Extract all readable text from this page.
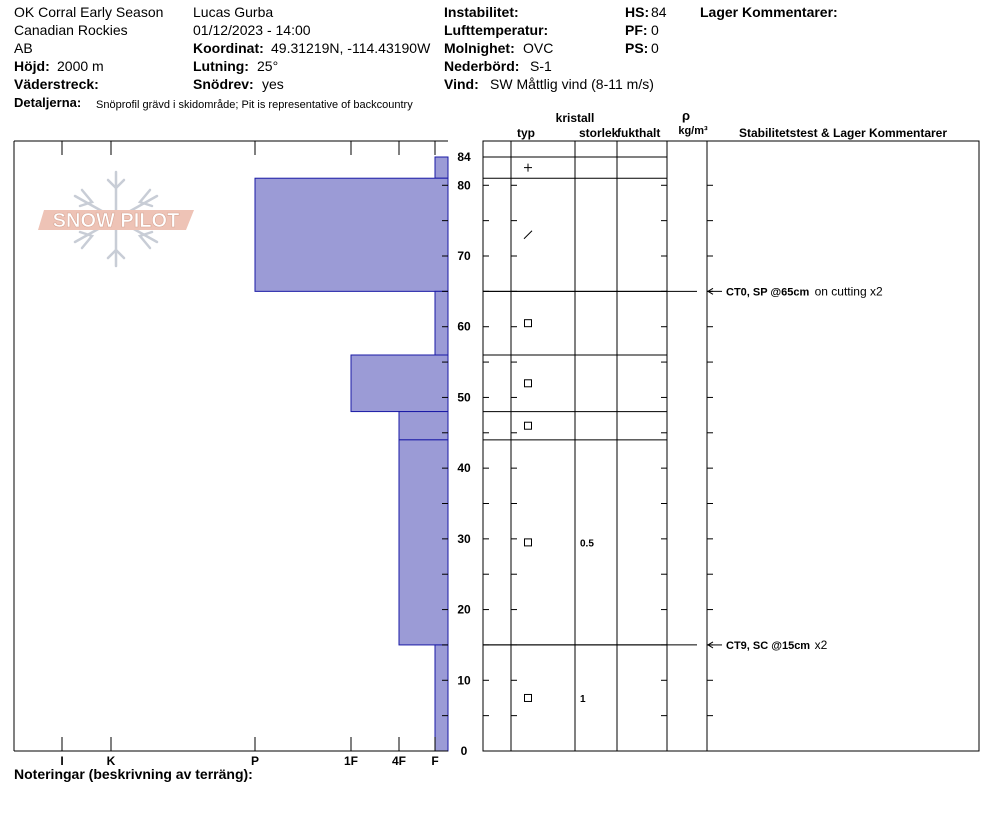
OK Corral Early Season
Canadian Rockies
AB
Höjd: 2000 m
Väderstreck:
Detaljerna: Snöprofil grävd i skidområde; Pit is representative of backcountry
Lucas Gurba
01/12/2023 - 14:00
Koordinat: 49.31219N, -114.43190W
Lutning: 25°
Snödrev: yes
Instabilitet:
Lufttemperatur:
Molnighet: OVC
Nederbörd: S-1
Vind: SW Måttlig vind (8-11 m/s)
HS: 84
PF: 0
PS: 0
Lager Kommentarer:
SNOW PILOT
I	K	P	1F	4F F
0
10
20
30
40
50
60
70
80
84
0.5
1
kristall
typ	storlek
fukthalt
ρ
kg/m³	Stabilitetstest & Lager Kommentarer
CT0, SP @65cm on cutting x2
CT9, SC @15cm x2
Noteringar (beskrivning av terräng):
